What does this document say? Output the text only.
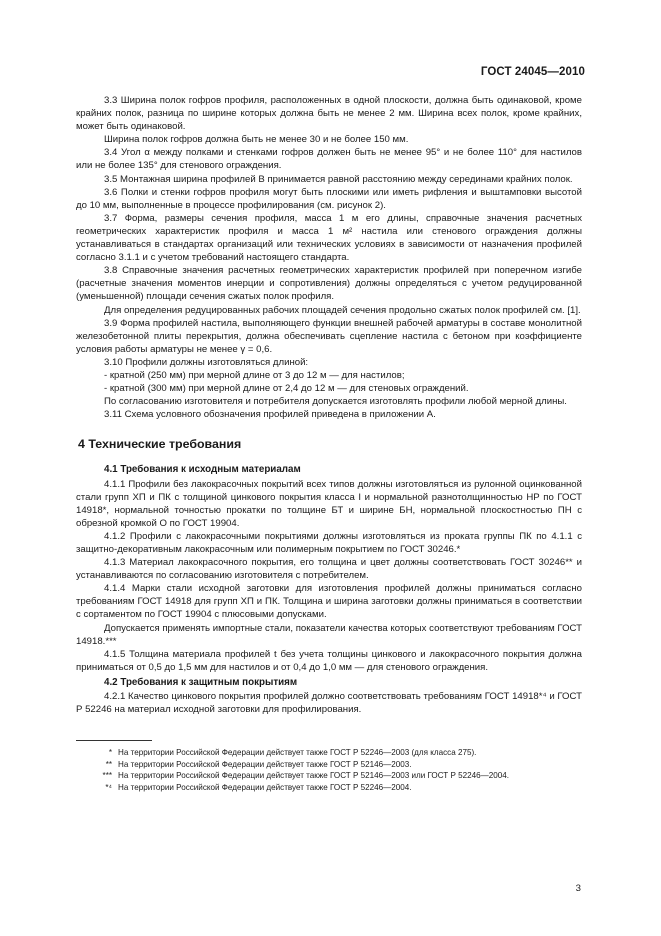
ГОСТ 24045—2010

3.3 Ширина полок гофров профиля, расположенных в одной плоскости, должна быть одинаковой, кроме крайних полок, разница по ширине которых должна быть не менее 2 мм. Ширина всех полок, кроме крайних, может быть одинаковой.

Ширина полок гофров должна быть не менее 30 и не более 150 мм.

3.4 Угол α между полками и стенками гофров должен быть не менее 95° и не более 110° для настилов или не более 135° для стенового ограждения.

3.5 Монтажная ширина профилей B принимается равной расстоянию между серединами крайних полок.

3.6 Полки и стенки гофров профиля могут быть плоскими или иметь рифления и выштамповки высотой до 10 мм, выполненные в процессе профилирования (см. рисунок 2).

3.7 Форма, размеры сечения профиля, масса 1 м его длины, справочные значения расчетных геометрических характеристик профиля и масса 1 м² настила или стенового ограждения должны устанавливаться в стандартах организаций или технических условиях в зависимости от назначения профилей согласно 3.1.1 и с учетом требований настоящего стандарта.

3.8 Справочные значения расчетных геометрических характеристик профилей при поперечном изгибе (расчетные значения моментов инерции и сопротивления) должны определяться с учетом редуцированной (уменьшенной) площади сечения сжатых полок профиля.

Для определения редуцированных рабочих площадей сечения продольно сжатых полок профилей см. [1].

3.9 Форма профилей настила, выполняющего функции внешней рабочей арматуры в составе монолитной железобетонной плиты перекрытия, должна обеспечивать сцепление настила с бетоном при коэффициенте условия работы арматуры не менее γ = 0,6.

3.10 Профили должны изготовляться длиной:

- кратной (250 мм) при мерной длине от 3 до 12 м — для настилов;

- кратной (300 мм) при мерной длине от 2,4 до 12 м — для стеновых ограждений.

По согласованию изготовителя и потребителя допускается изготовлять профили любой мерной длины.

3.11 Схема условного обозначения профилей приведена в приложении А.

4 Технические требования

4.1 Требования к исходным материалам

4.1.1 Профили без лакокрасочных покрытий всех типов должны изготовляться из рулонной оцинкованной стали групп ХП и ПК с толщиной цинкового покрытия класса I и нормальной разнотолщинностью НР по ГОСТ 14918*, нормальной точностью прокатки по толщине БТ и ширине БН, нормальной плоскостностью ПН с обрезной кромкой О по ГОСТ 19904.

4.1.2 Профили с лакокрасочными покрытиями должны изготовляться из проката группы ПК по 4.1.1 с защитно-декоративным лакокрасочным или полимерным покрытием по ГОСТ 30246.*

4.1.3 Материал лакокрасочного покрытия, его толщина и цвет должны соответствовать ГОСТ 30246** и устанавливаются по согласованию изготовителя с потребителем.

4.1.4 Марки стали исходной заготовки для изготовления профилей должны приниматься согласно требованиям ГОСТ 14918 для групп ХП и ПК. Толщина и ширина заготовки должны приниматься в соответствии с сортаментом по ГОСТ 19904 с плюсовыми допусками.

Допускается применять импортные стали, показатели качества которых соответствуют требованиям ГОСТ 14918.***

4.1.5 Толщина материала профилей t без учета толщины цинкового и лакокрасочного покрытия должна приниматься от 0,5 до 1,5 мм для настилов и от 0,4 до 1,0 мм — для стенового ограждения.

4.2 Требования к защитным покрытиям

4.2.1 Качество цинкового покрытия профилей должно соответствовать требованиям ГОСТ 14918*⁴ и ГОСТ Р 52246 на материал исходной заготовки для профилирования.

* На территории Российской Федерации действует также ГОСТ Р 52246—2003 (для класса 275).

** На территории Российской Федерации действует также ГОСТ Р 52146—2003.

*** На территории Российской Федерации действует также ГОСТ Р 52146—2003 или ГОСТ Р 52246—2004.

*⁴ На территории Российской Федерации действует также ГОСТ Р 52246—2004.

3
